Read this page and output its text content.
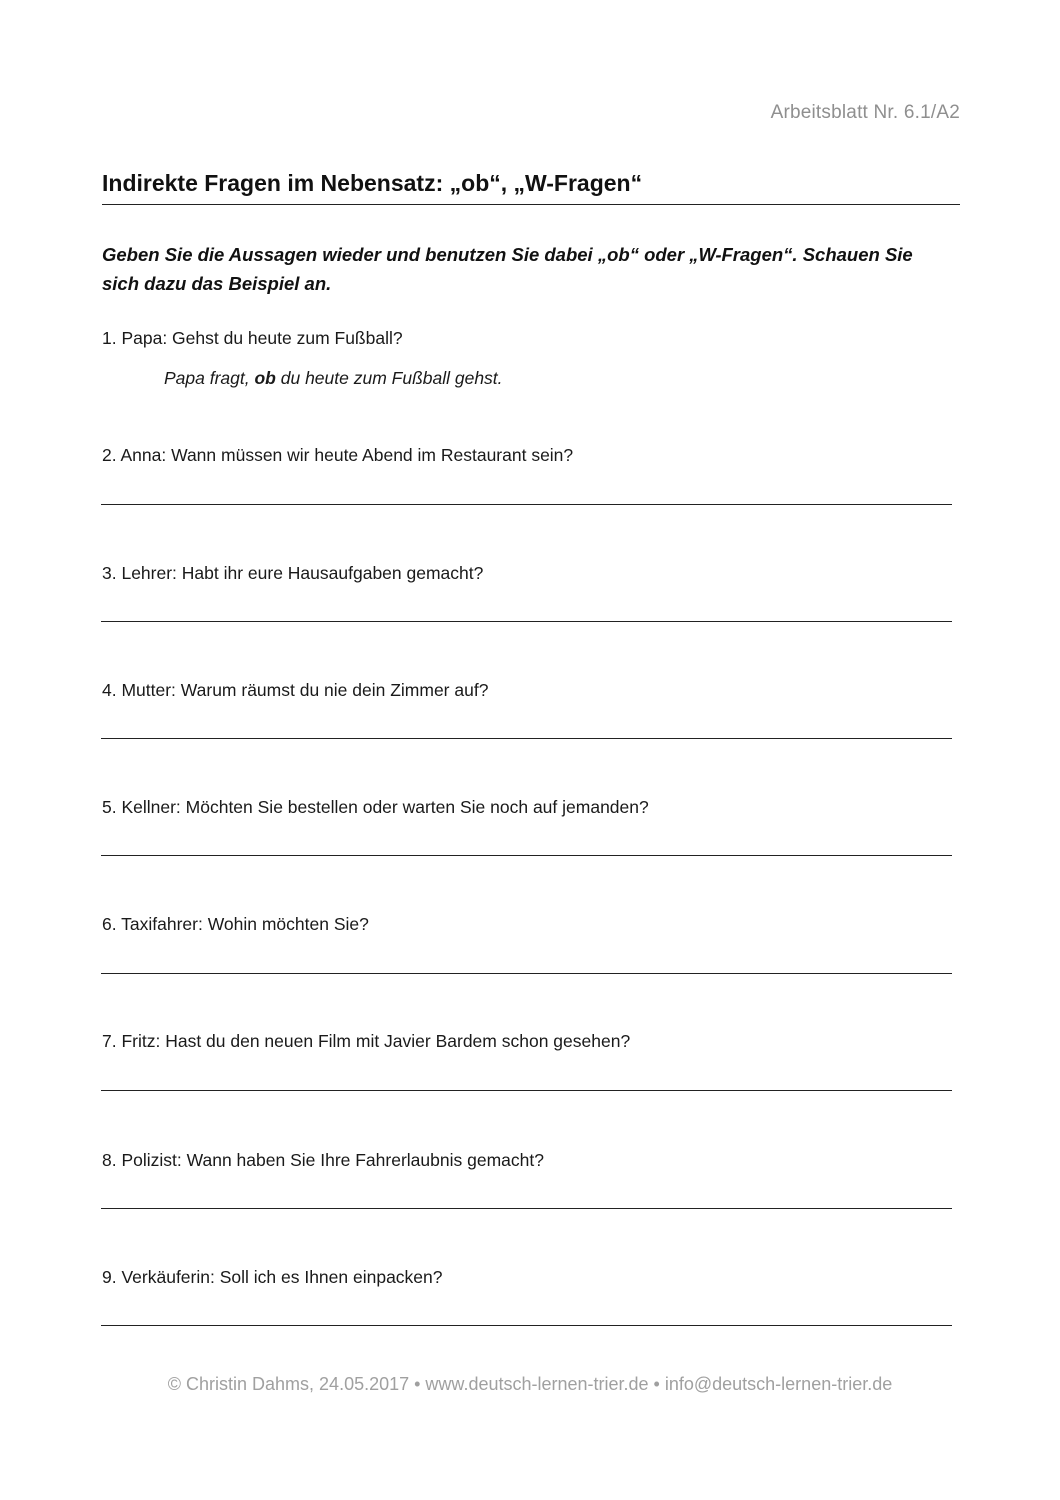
Arbeitsblatt Nr. 6.1/A2
Indirekte Fragen im Nebensatz: „ob“, „W-Fragen“

Geben Sie die Aussagen wieder und benutzen Sie dabei „ob“ oder „W-Fragen“. Schauen Sie sich dazu das Beispiel an.

1. Papa: Gehst du heute zum Fußball?
Papa fragt, ob du heute zum Fußball gehst.
2. Anna: Wann müssen wir heute Abend im Restaurant sein?
3. Lehrer: Habt ihr eure Hausaufgaben gemacht?
4. Mutter: Warum räumst du nie dein Zimmer auf?
5. Kellner: Möchten Sie bestellen oder warten Sie noch auf jemanden?
6. Taxifahrer: Wohin möchten Sie?
7. Fritz: Hast du den neuen Film mit Javier Bardem schon gesehen?
8. Polizist: Wann haben Sie Ihre Fahrerlaubnis gemacht?
9. Verkäuferin: Soll ich es Ihnen einpacken?
© Christin Dahms, 24.05.2017 • www.deutsch-lernen-trier.de • info@deutsch-lernen-trier.de
